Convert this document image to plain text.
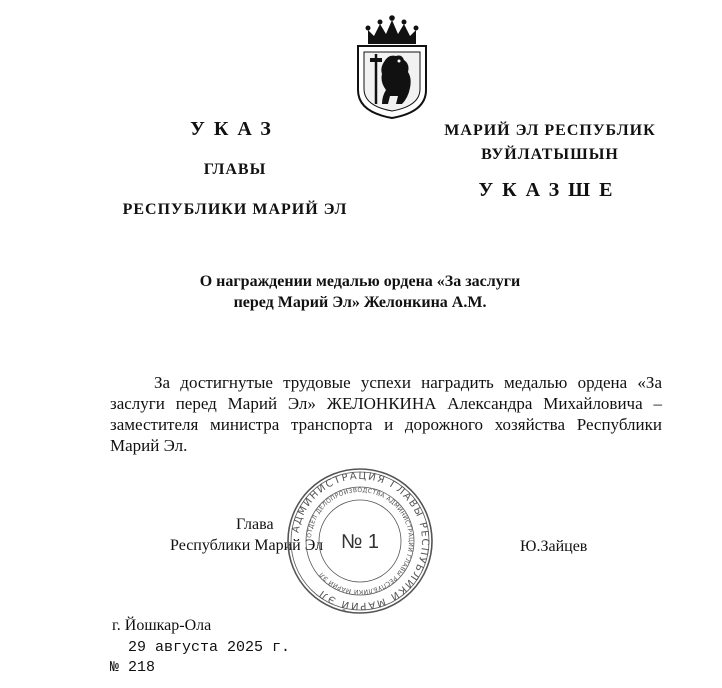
УКАЗ
ГЛАВЫ
РЕСПУБЛИКИ МАРИЙ ЭЛ
МАРИЙ ЭЛ РЕСПУБЛИК
ВУЙЛАТЫШЫН
УКАЗШЕ
О награждении медалью ордена «За заслуги
перед Марий Эл» Желонкина А.М.
За достигнутые трудовые успехи наградить медалью ордена «За заслуги перед Марий Эл» ЖЕЛОНКИНА Александра Михайловича – заместителя министра транспорта и дорожного хозяйства Республики Марий Эл.
Глава
Республики Марий Эл
АДМИНИСТРАЦИЯ ГЛАВЫ РЕСПУБЛИКИ МАРИЙ ЭЛ
ОТДЕЛ ДЕЛОПРОИЗВОДСТВА АДМИНИСТРАЦИИ ГЛАВЫ РЕСПУБЛИКИ МАРИЙ ЭЛ
№ 1	Ю.Зайцев
г. Йошкар-Ола
29 августа 2025 г.
№ 218
